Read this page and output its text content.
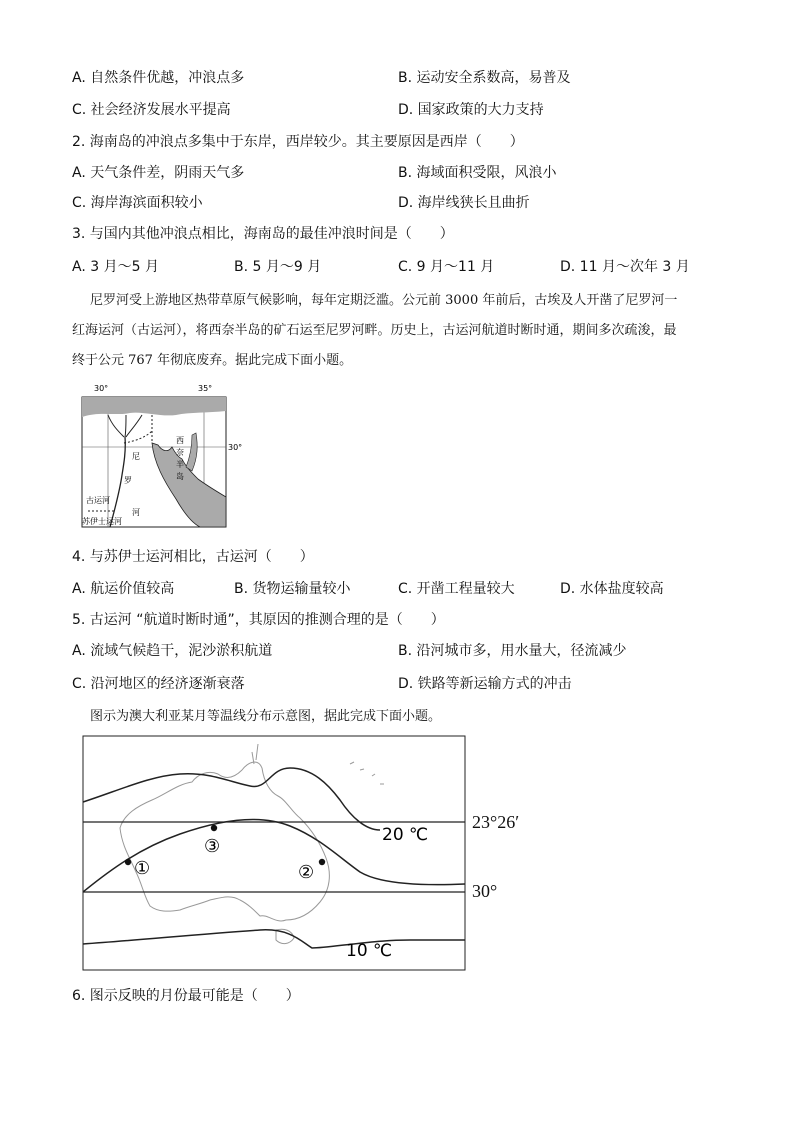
A. 自然条件优越，冲浪点多	B. 运动安全系数高，易普及
C. 社会经济发展水平提高	D. 国家政策的大力支持
2. 海南岛的冲浪点多集中于东岸，西岸较少。其主要原因是西岸（　　）
A. 天气条件差，阴雨天气多	B. 海域面积受限，风浪小
C. 海岸海滨面积较小	D. 海岸线狭长且曲折
3. 与国内其他冲浪点相比，海南岛的最佳冲浪时间是（　　）
A. 3 月～5 月	B. 5 月～9 月	C. 9 月～11 月	D. 11 月～次年 3 月
尼罗河受上游地区热带草原气候影响，每年定期泛滥。公元前 3000 年前后，古埃及人开凿了尼罗河一
红海运河（古运河），将西奈半岛的矿石运至尼罗河畔。历史上，古运河航道时断时通，期间多次疏浚，最
终于公元 767 年彻底废弃。据此完成下面小题。
30°	35°
30°
西
奈
半
岛
尼
罗
河
古运河
苏伊士运河
4. 与苏伊士运河相比，古运河（　　）
A. 航运价值较高	B. 货物运输量较小	C. 开凿工程量较大	D. 水体盐度较高
5. 古运河 “航道时断时通”，其原因的推测合理的是（　　）
A. 流域气候趋干，泥沙淤积航道	B. 沿河城市多，用水量大，径流减少
C. 沿河地区的经济逐渐衰落	D. 铁路等新运输方式的冲击
图示为澳大利亚某月等温线分布示意图，据此完成下面小题。
20 ℃
10 ℃
①	②
③
23°26′
30°
6. 图示反映的月份最可能是（　　）
